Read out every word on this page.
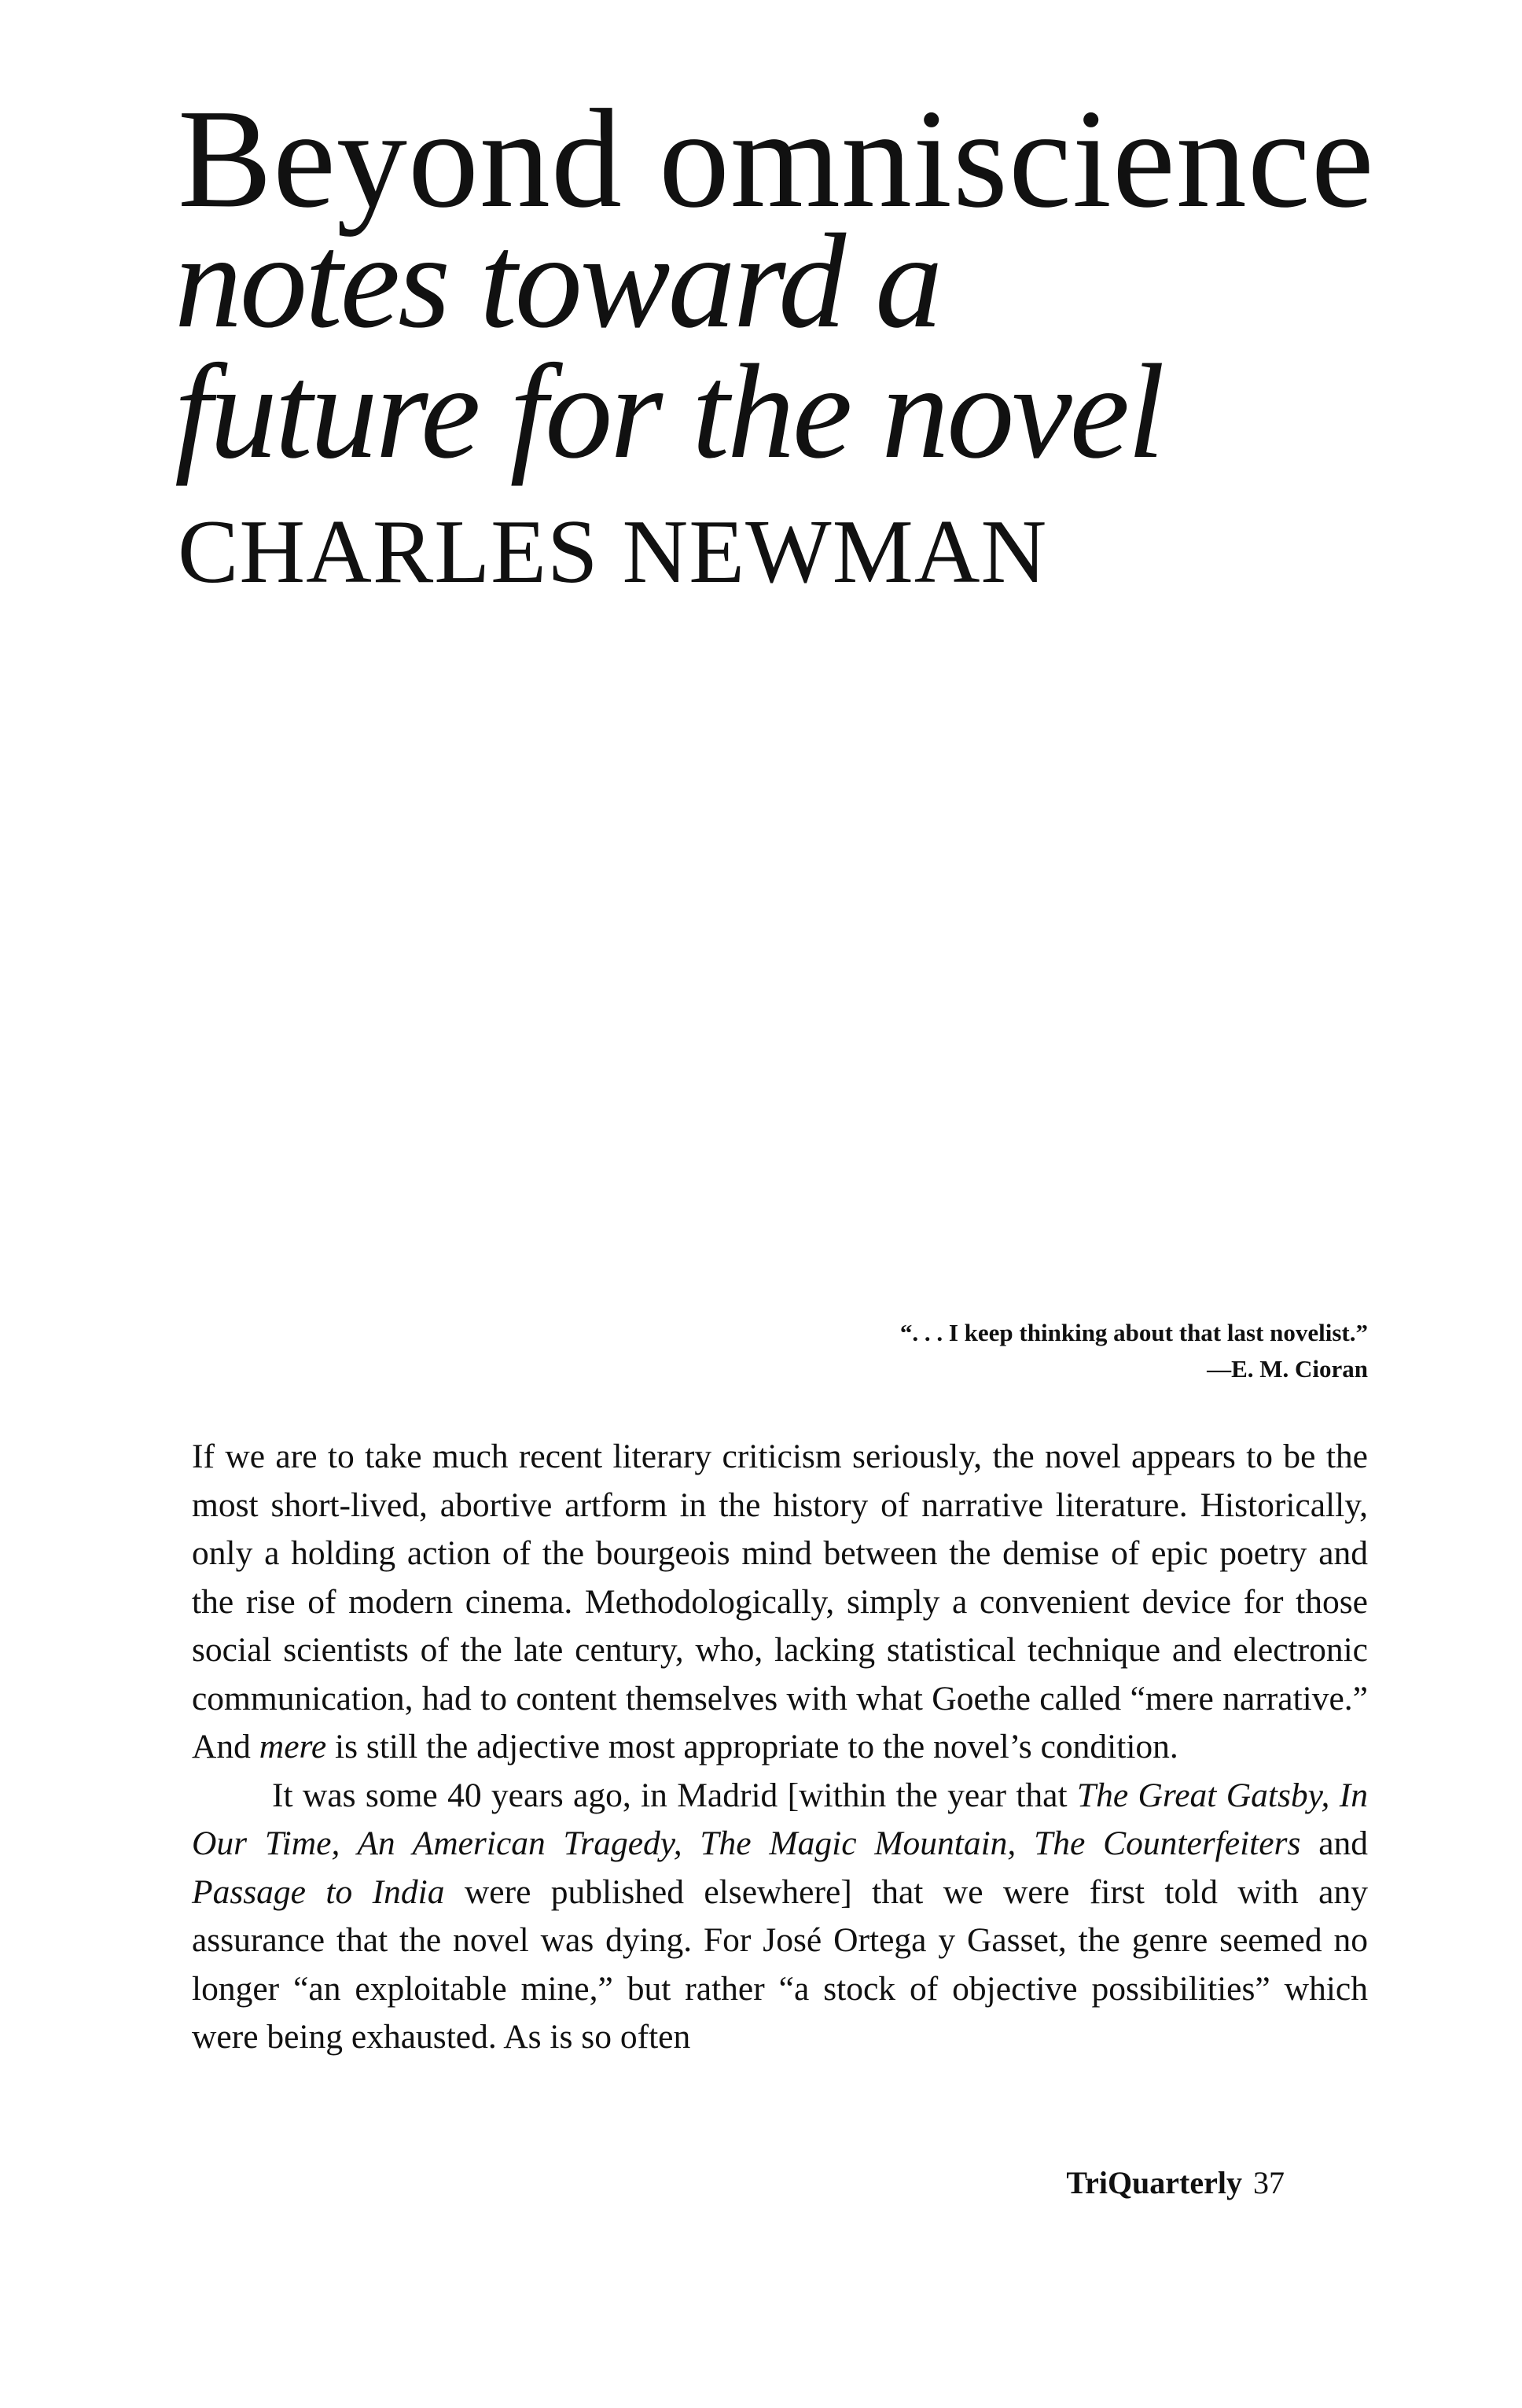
Beyond omniscience
notes toward a
future for the novel
CHARLES NEWMAN
“. . . I keep thinking about that last novelist.”
—E. M. Cioran

If we are to take much recent literary criticism seriously, the novel appears to be the most short-lived, abortive artform in the history of narrative literature. Historically, only a holding action of the bourgeois mind between the demise of epic poetry and the rise of modern cinema. Methodologically, simply a convenient device for those social scientists of the late century, who, lacking statistical technique and electronic communication, had to content themselves with what Goethe called “mere narrative.” And mere is still the adjective most appropriate to the novel’s condition.

It was some 40 years ago, in Madrid [within the year that The Great Gatsby, In Our Time, An American Tragedy, The Magic Mountain, The Counterfeiters and Passage to India were published elsewhere] that we were first told with any assurance that the novel was dying. For José Ortega y Gasset, the genre seemed no longer “an exploitable mine,” but rather “a stock of objective possibilities” which were being exhausted. As is so often

TriQuarterly 37
